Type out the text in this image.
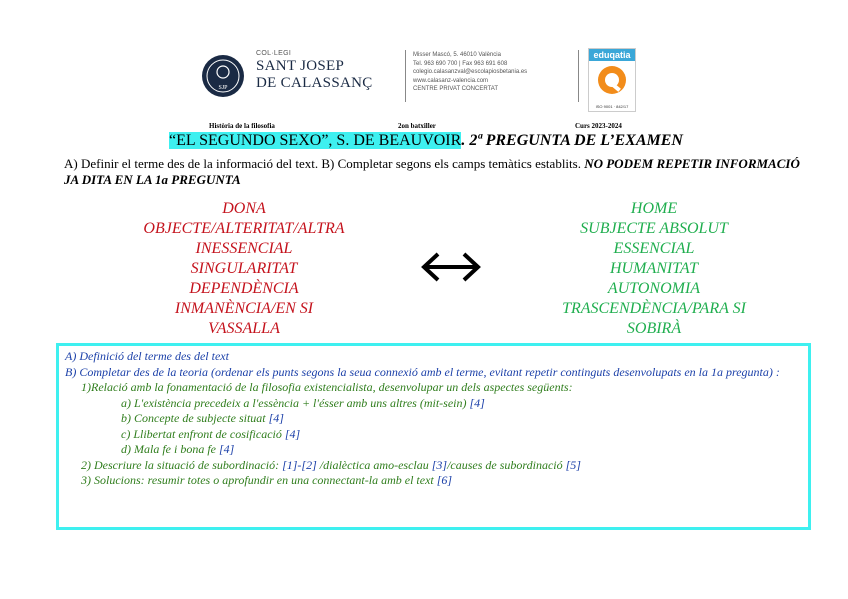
SJP
COL·LEGI
SANT JOSEP
DE CALASSANÇ
Misser Mascó, 5. 46010 València
Tel. 963 690 700 | Fax 963 691 608
colegio.calasanzval@escolapiosbetania.es
www.calasanz-valencia.com
CENTRE PRIVAT CONCERTAT
eduqatia
ISO 9001 · 842/17
Història de la filosofia	2on batxiller	Curs 2023-2024
“EL SEGUNDO SEXO”, S. DE BEAUVOIR. 2ª PREGUNTA DE L’EXAMEN
A) Definir el terme des de la informació del text. B) Completar segons els camps temàtics establits. NO PODEM REPETIR INFORMACIÓ JA DITA EN LA 1a PREGUNTA
DONA
OBJECTE/ALTERITAT/ALTRA
INESSENCIAL
SINGULARITAT
DEPENDÈNCIA
INMANÈNCIA/EN SI
VASSALLA
HOME
SUBJECTE ABSOLUT
ESSENCIAL
HUMANITAT
AUTONOMIA
TRASCENDÈNCIA/PARA SI
SOBIRÀ

A) Definició del terme des del text

B) Completar des de la teoria (ordenar els punts segons la seua connexió amb el terme, evitant repetir continguts desenvolupats en la 1a pregunta) :

1)Relació amb la fonamentació de la filosofia existencialista, desenvolupar un dels aspectes següents:

a) L'existència precedeix a l'essència + l'ésser amb uns altres (mit-sein) [4]

b) Concepte de subjecte situat [4]

c) Llibertat enfront de cosificació [4]

d) Mala fe i bona fe [4]

2) Descriure la situació de subordinació: [1]-[2] /dialèctica amo-esclau [3]/causes de subordinació [5]

3) Solucions: resumir totes o aprofundir en una connectant-la amb el text [6]
